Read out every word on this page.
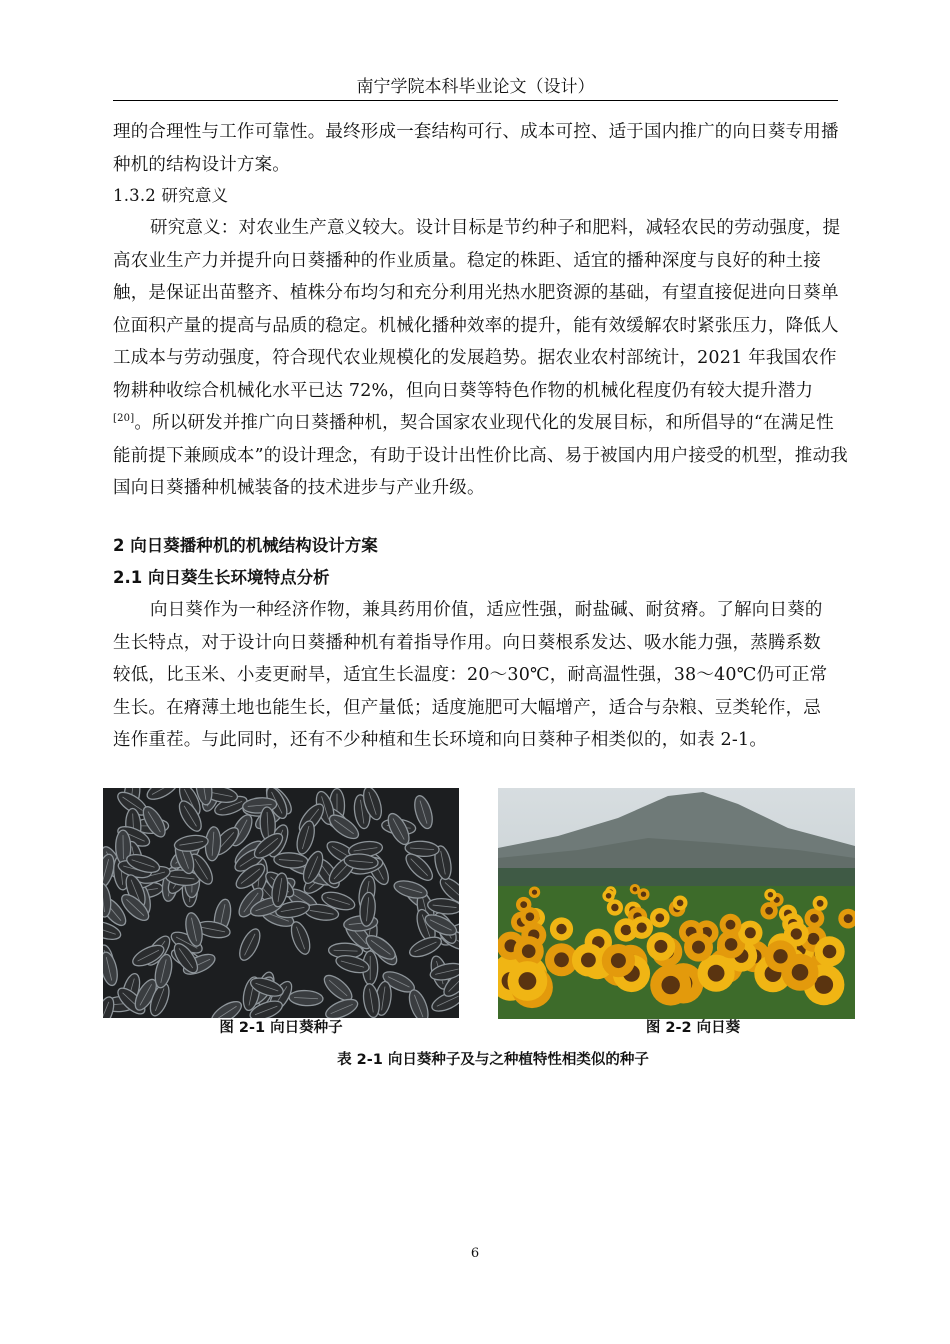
南宁学院本科毕业论文（设计）

理的合理性与工作可靠性。最终形成一套结构可行、成本可控、适于国内推广的向日葵专用播种机的结构设计方案。

1.3.2 研究意义

研究意义：对农业生产意义较大。设计目标是节约种子和肥料，减轻农民的劳动强度，提高农业生产力并提升向日葵播种的作业质量。稳定的株距、适宜的播种深度与良好的种土接触，是保证出苗整齐、植株分布均匀和充分利用光热水肥资源的基础，有望直接促进向日葵单位面积产量的提高与品质的稳定。机械化播种效率的提升，能有效缓解农时紧张压力，降低人工成本与劳动强度，符合现代农业规模化的发展趋势。据农业农村部统计，2021 年我国农作物耕种收综合机械化水平已达 72%，但向日葵等特色作物的机械化程度仍有较大提升潜力[20]。所以研发并推广向日葵播种机，契合国家农业现代化的发展目标，和所倡导的“在满足性能前提下兼顾成本”的设计理念，有助于设计出性价比高、易于被国内用户接受的机型，推动我国向日葵播种机械装备的技术进步与产业升级。

2 向日葵播种机的机械结构设计方案

2.1 向日葵生长环境特点分析

向日葵作为一种经济作物，兼具药用价值，适应性强，耐盐碱、耐贫瘠。了解向日葵的生长特点，对于设计向日葵播种机有着指导作用。向日葵根系发达、吸水能力强，蒸腾系数较低，比玉米、小麦更耐旱，适宜生长温度：20～30℃，耐高温性强，38～40℃仍可正常生长。在瘠薄土地也能生长，但产量低；适度施肥可大幅增产，适合与杂粮、豆类轮作，忌连作重茬。与此同时，还有不少种植和生长环境和向日葵种子相类似的，如表 2-1。

图 2-1 向日葵种子	图 2-2 向日葵
表 2-1 向日葵种子及与之种植特性相类似的种子
6
